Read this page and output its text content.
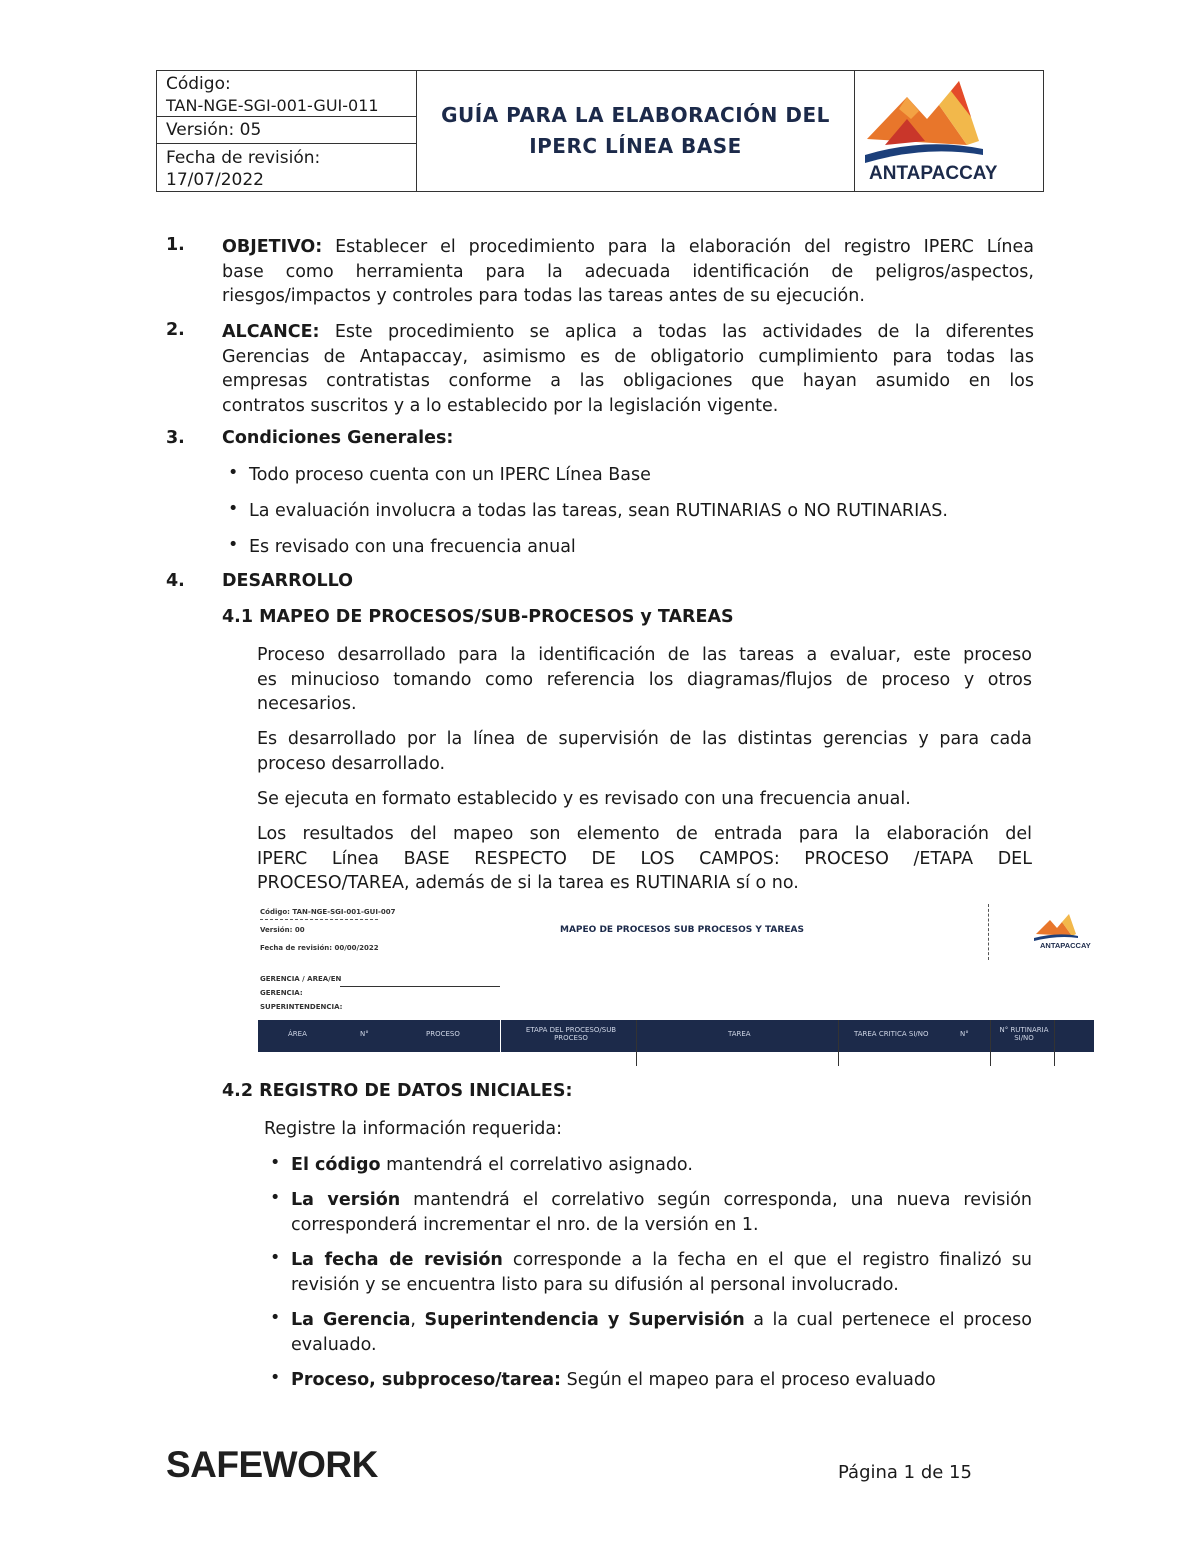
Código:
TAN-NGE-SGI-001-GUI-011
Versión: 05
Fecha de revisión:
17/07/2022
GUÍA PARA LA ELABORACIÓN DEL
IPERC LÍNEA BASE
ANTAPACCAY
1. OBJETIVO: Establecer el procedimiento para la elaboración del registro IPERC Línea
base como herramienta para la adecuada identificación de peligros/aspectos,
riesgos/impactos y controles para todas las tareas antes de su ejecución.
2. ALCANCE: Este procedimiento se aplica a todas las actividades de la diferentes
Gerencias de Antapaccay, asimismo es de obligatorio cumplimiento para todas las
empresas contratistas conforme a las obligaciones que hayan asumido en los
contratos suscritos y a lo establecido por la legislación vigente.
3. Condiciones Generales:
• Todo proceso cuenta con un IPERC Línea Base
• La evaluación involucra a todas las tareas, sean RUTINARIAS o NO RUTINARIAS.
• Es revisado con una frecuencia anual
4. DESARROLLO
4.1 MAPEO DE PROCESOS/SUB-PROCESOS y TAREAS
Proceso desarrollado para la identificación de las tareas a evaluar, este proceso
es minucioso tomando como referencia los diagramas/flujos de proceso y otros
necesarios.
Es desarrollado por la línea de supervisión de las distintas gerencias y para cada
proceso desarrollado.
Se ejecuta en formato establecido y es revisado con una frecuencia anual.
Los resultados del mapeo son elemento de entrada para la elaboración del
IPERC Línea BASE RESPECTO DE LOS CAMPOS: PROCESO /ETAPA DEL
PROCESO/TAREA, además de si la tarea es RUTINARIA sí o no.
Código: TAN-NGE-SGI-001-GUI-007
Versión: 00
Fecha de revisión: 00/00/2022
MAPEO DE PROCESOS SUB PROCESOS Y TAREAS
ANTAPACCAY
GERENCIA / AREA/EN
GERENCIA:
SUPERINTENDENCIA:
ÁREA	N°	PROCESO	ETAPA DEL PROCESO/SUB PROCESO	TAREA	TAREA CRITICA SI/NO	N°	N° RUTINARIA SI/NO
4.2 REGISTRO DE DATOS INICIALES:
Registre la información requerida:
• El código mantendrá el correlativo asignado.
• La versión mantendrá el correlativo según corresponda, una nueva revisión
corresponderá incrementar el nro. de la versión en 1.
• La fecha de revisión corresponde a la fecha en el que el registro finalizó su
revisión y se encuentra listo para su difusión al personal involucrado.
• La Gerencia, Superintendencia y Supervisión a la cual pertenece el proceso
evaluado.
• Proceso, subproceso/tarea: Según el mapeo para el proceso evaluado
SAFEWORK	Página 1 de 15
